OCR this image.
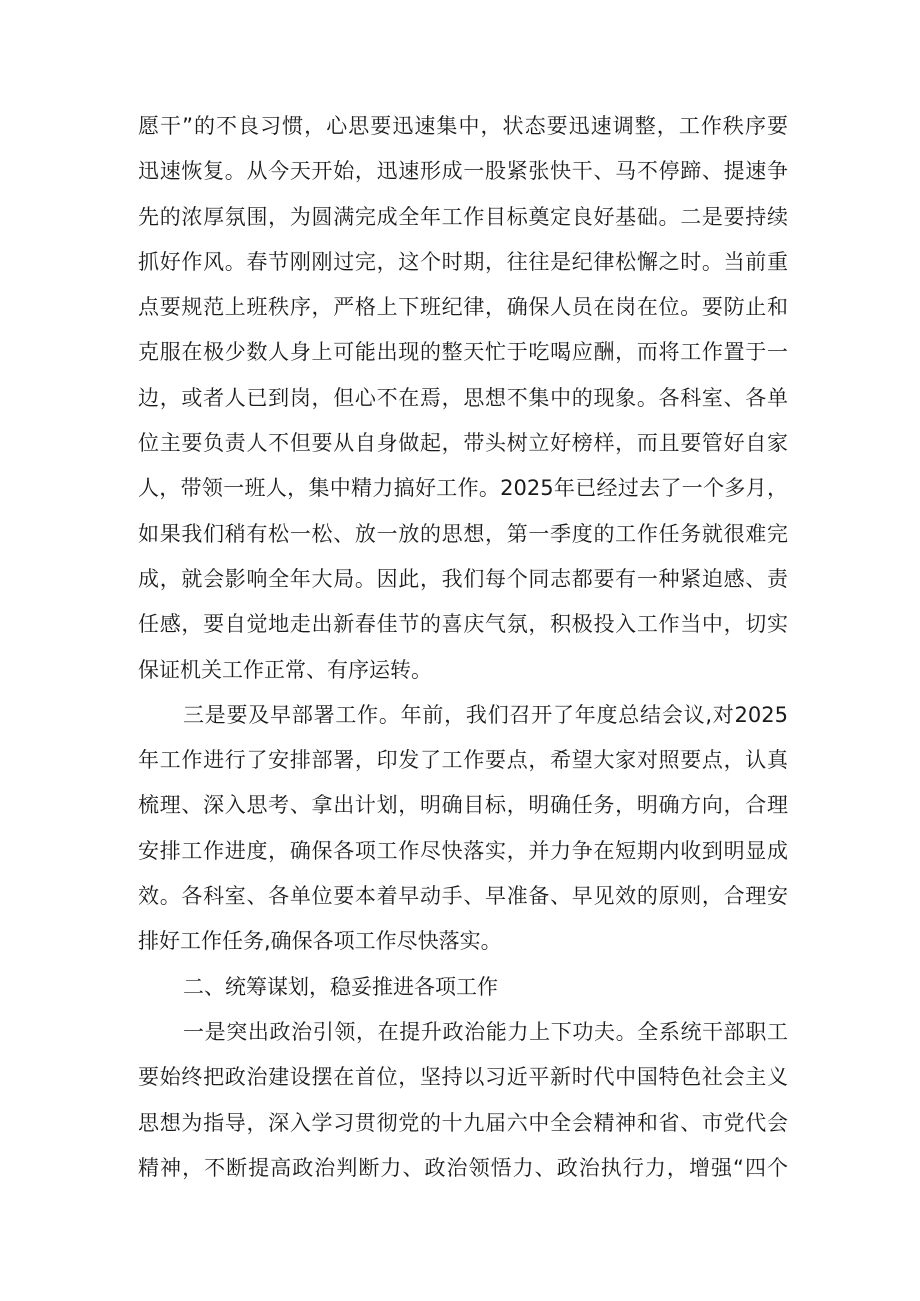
愿干”的不良习惯，心思要迅速集中，状态要迅速调整，工作秩序要
迅速恢复。从今天开始，迅速形成一股紧张快干、马不停蹄、提速争
先的浓厚氛围，为圆满完成全年工作目标奠定良好基础。二是要持续
抓好作风。春节刚刚过完，这个时期，往往是纪律松懈之时。当前重
点要规范上班秩序，严格上下班纪律，确保人员在岗在位。要防止和
克服在极少数人身上可能出现的整天忙于吃喝应酬，而将工作置于一
边，或者人已到岗，但心不在焉，思想不集中的现象。各科室、各单
位主要负责人不但要从自身做起，带头树立好榜样，而且要管好自家
人，带领一班人，集中精力搞好工作。2025年已经过去了一个多月，
如果我们稍有松一松、放一放的思想，第一季度的工作任务就很难完
成，就会影响全年大局。因此，我们每个同志都要有一种紧迫感、责
任感，要自觉地走出新春佳节的喜庆气氛，积极投入工作当中，切实
保证机关工作正常、有序运转。
三是要及早部署工作。年前，我们召开了年度总结会议,对2025
年工作进行了安排部署，印发了工作要点，希望大家对照要点，认真
梳理、深入思考、拿出计划，明确目标，明确任务，明确方向，合理
安排工作进度，确保各项工作尽快落实，并力争在短期内收到明显成
效。各科室、各单位要本着早动手、早准备、早见效的原则，合理安
排好工作任务,确保各项工作尽快落实。
二、统筹谋划，稳妥推进各项工作
一是突出政治引领，在提升政治能力上下功夫。全系统干部职工
要始终把政治建设摆在首位，坚持以习近平新时代中国特色社会主义
思想为指导，深入学习贯彻党的十九届六中全会精神和省、市党代会
精神，不断提高政治判断力、政治领悟力、政治执行力，增强“四个
